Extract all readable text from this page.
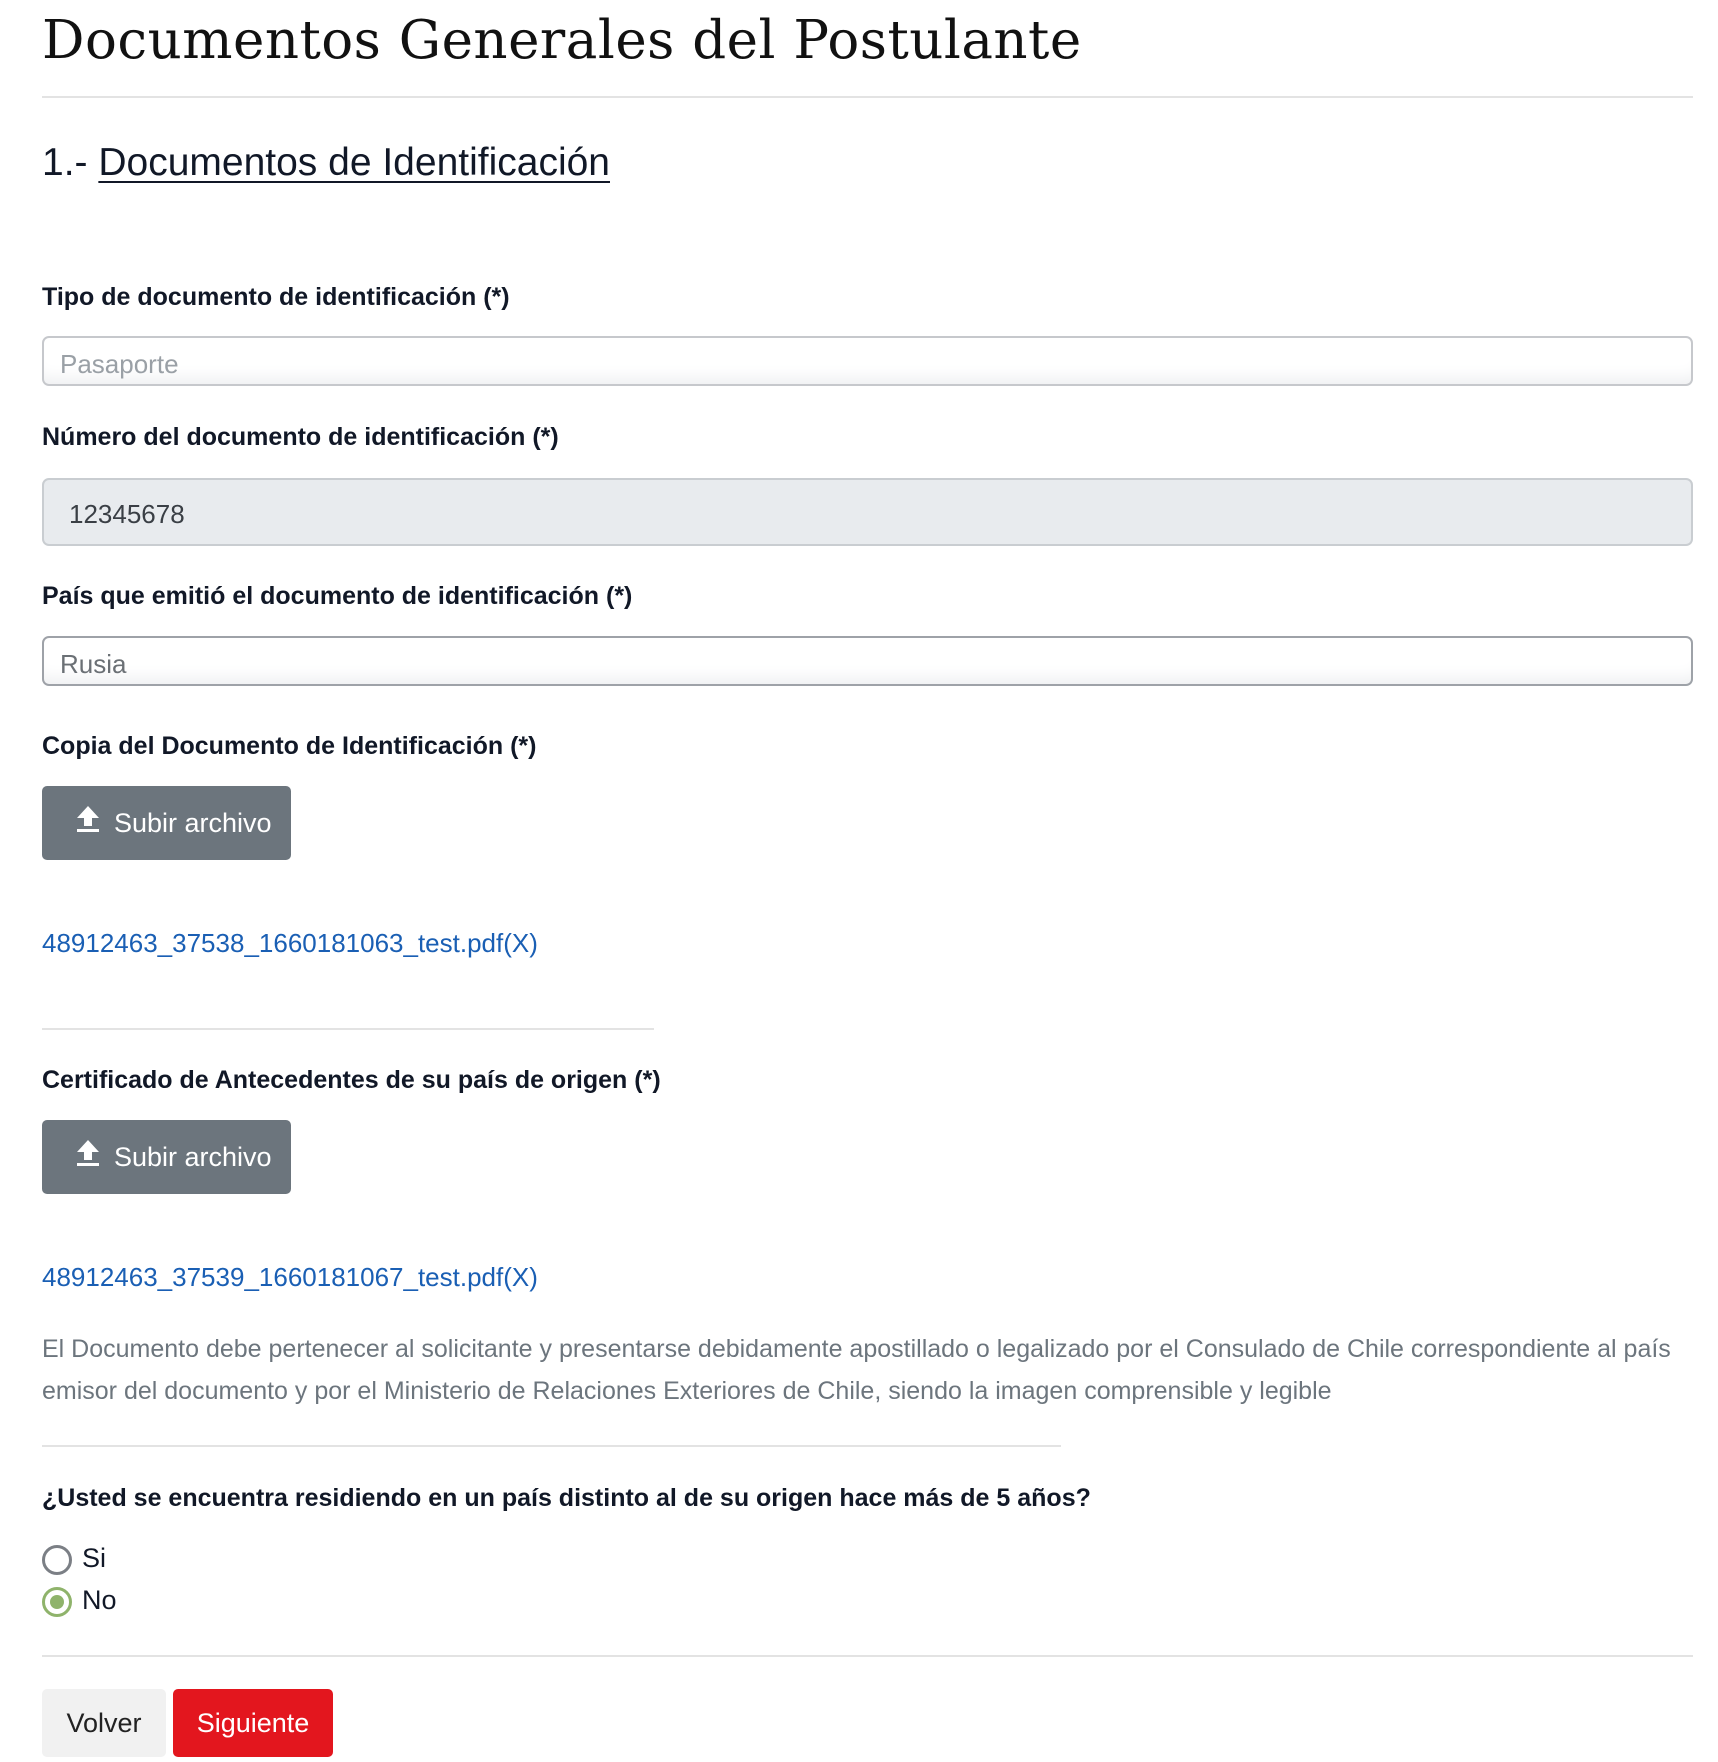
Documentos Generales del Postulante
1.- Documentos de Identificación
Tipo de documento de identificación (*)
Pasaporte
Número del documento de identificación (*)
12345678
País que emitió el documento de identificación (*)
Rusia
Copia del Documento de Identificación (*)
Subir archivo
48912463_37538_1660181063_test.pdf(X)
Certificado de Antecedentes de su país de origen (*)
Subir archivo
48912463_37539_1660181067_test.pdf(X)

El Documento debe pertenecer al solicitante y presentarse debidamente apostillado o legalizado por el Consulado de Chile correspondiente al país emisor del documento y por el Ministerio de Relaciones Exteriores de Chile, siendo la imagen comprensible y legible

¿Usted se encuentra residiendo en un país distinto al de su origen hace más de 5 años?
Si
No
Volver	Siguiente
